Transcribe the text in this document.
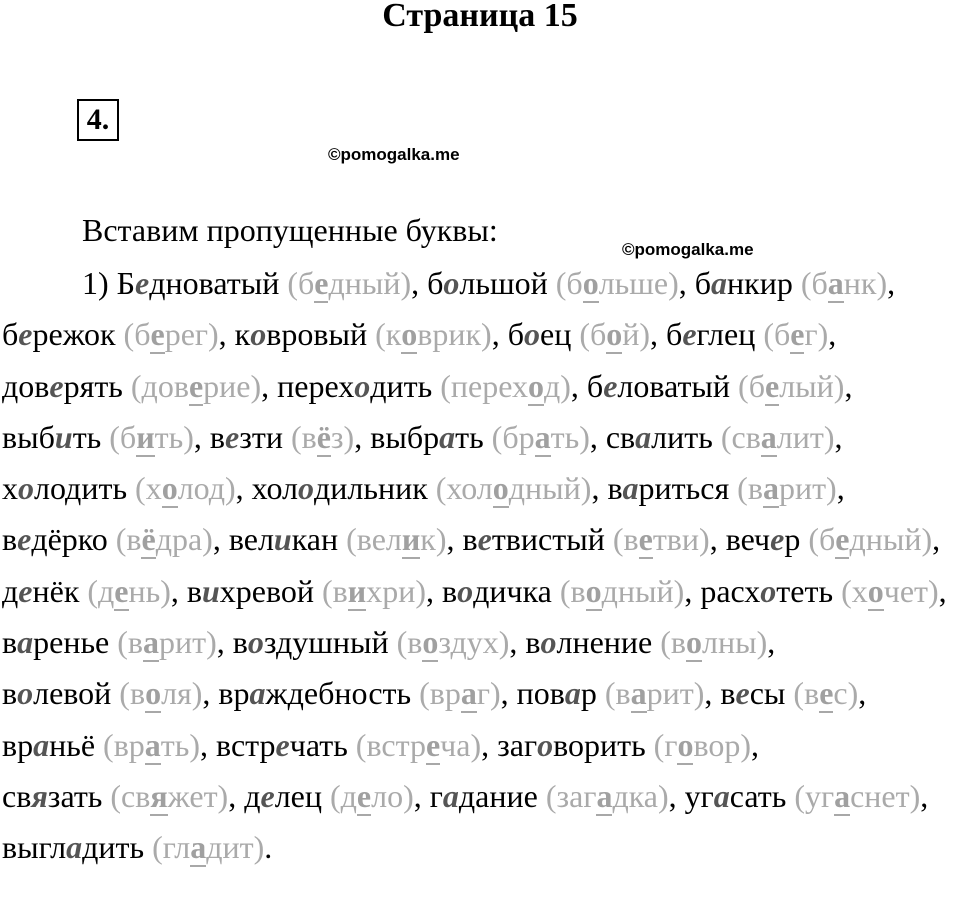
Страница 15
4.
©pomogalka.me
Вставим пропущенные буквы:
©pomogalka.me
1) Бедноватый (бедный), большой (больше), банкир (банк), бережок (берег), ковровый (коврик), боец (бой), беглец (бег), доверять (доверие), переходить (переход), беловатый (белый), выбить (бить), везти (вёз), выбрать (брать), свалить (свалит), холодить (холод), холодильник (холодный), вариться (варит), ведёрко (вёдра), великан (велик), ветвистый (ветви), вечер (бедный), денёк (день), вихревой (вихри), водичка (водный), расхотеть (хочет), варенье (варит), воздушный (воздух), волнение (волны), волевой (воля), враждебность (враг), повар (варит), весы (вес), враньё (врать), встречать (встреча), заговорить (говор), связать (свяжет), делец (дело), гадание (загадка), угасать (угаснет), выгладить (гладит).
